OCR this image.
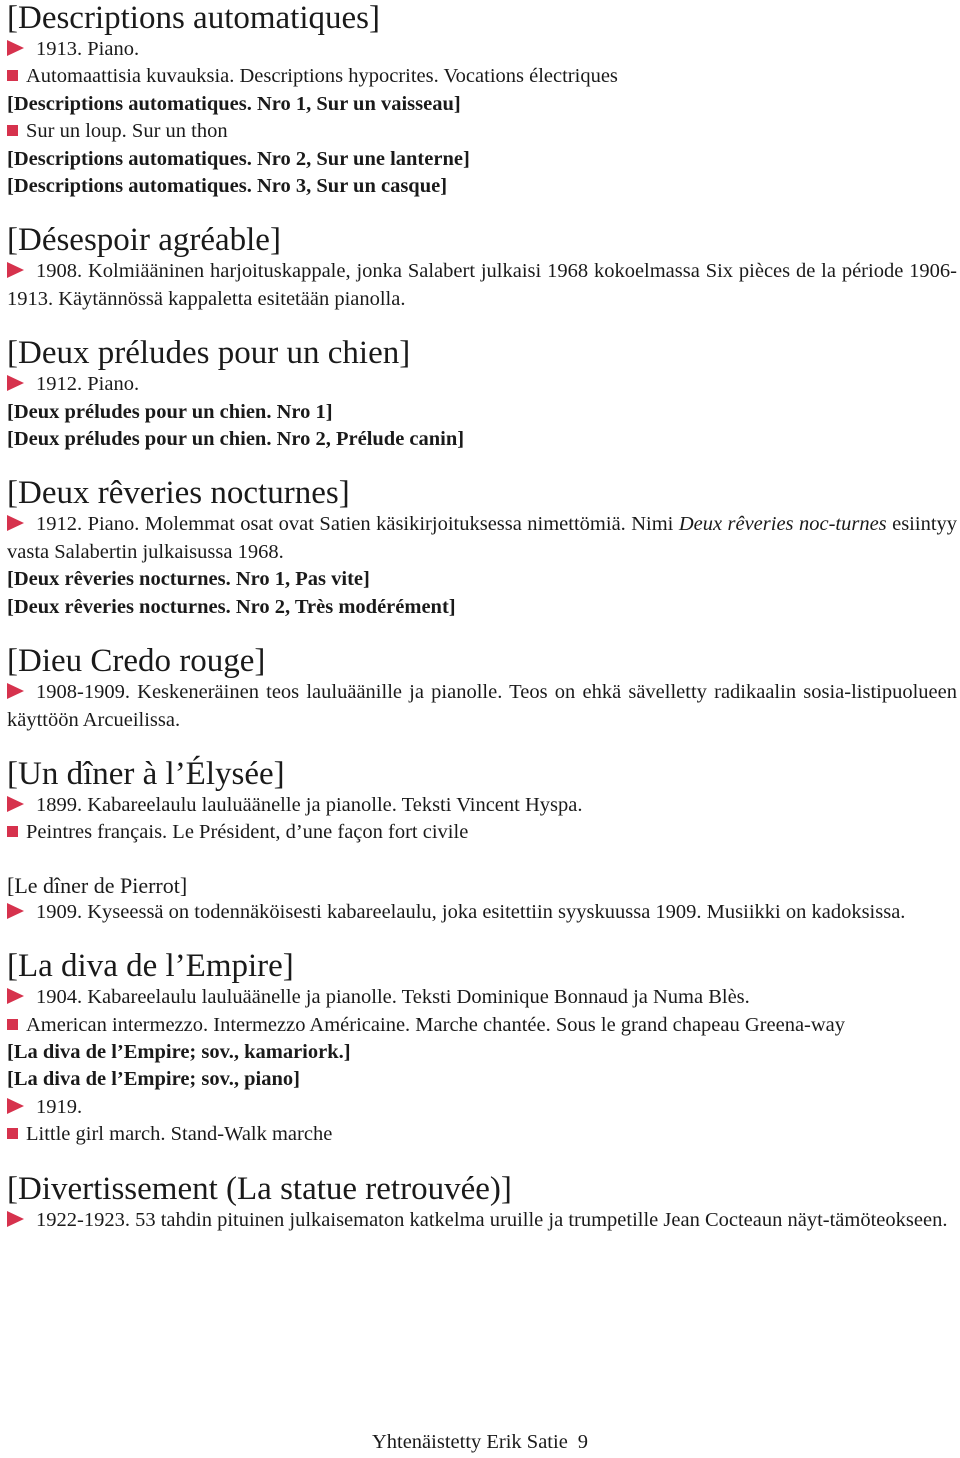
[Descriptions automatiques]

1913. Piano.

Automaattisia kuvauksia. Descriptions hypocrites. Vocations électriques

[Descriptions automatiques. Nro 1, Sur un vaisseau]

Sur un loup. Sur un thon

[Descriptions automatiques. Nro 2, Sur une lanterne]

[Descriptions automatiques. Nro 3, Sur un casque]

[Désespoir agréable]

1908. Kolmiääninen harjoituskappale, jonka Salabert julkaisi 1968 kokoelmassa Six pièces de la période 1906-1913. Käytännössä kappaletta esitetään pianolla.

[Deux préludes pour un chien]

1912. Piano.

[Deux préludes pour un chien. Nro 1]

[Deux préludes pour un chien. Nro 2, Prélude canin]

[Deux rêveries nocturnes]

1912. Piano. Molemmat osat ovat Satien käsikirjoituksessa nimettömiä. Nimi Deux rêveries noc-turnes esiintyy vasta Salabertin julkaisussa 1968.

[Deux rêveries nocturnes. Nro 1, Pas vite]

[Deux rêveries nocturnes. Nro 2, Très modérément]

[Dieu Credo rouge]

1908-1909. Keskeneräinen teos lauluäänille ja pianolle. Teos on ehkä sävelletty radikaalin sosia-listipuolueen käyttöön Arcueilissa.

[Un dîner à l’Élysée]

1899. Kabareelaulu lauluäänelle ja pianolle. Teksti Vincent Hyspa.

Peintres français. Le Président, d’une façon fort civile

[Le dîner de Pierrot]

1909. Kyseessä on todennäköisesti kabareelaulu, joka esitettiin syyskuussa 1909. Musiikki on kadoksissa.

[La diva de l’Empire]

1904. Kabareelaulu lauluäänelle ja pianolle. Teksti Dominique Bonnaud ja Numa Blès.

American intermezzo. Intermezzo Américaine. Marche chantée. Sous le grand chapeau Greena-way

[La diva de l’Empire; sov., kamariork.]

[La diva de l’Empire; sov., piano]

1919.

Little girl march. Stand-Walk marche

[Divertissement (La statue retrouvée)]

1922-1923. 53 tahdin pituinen julkaisematon katkelma uruille ja trumpetille Jean Cocteaun näyt-tämöteokseen.

Yhtenäistetty Erik Satie 9
